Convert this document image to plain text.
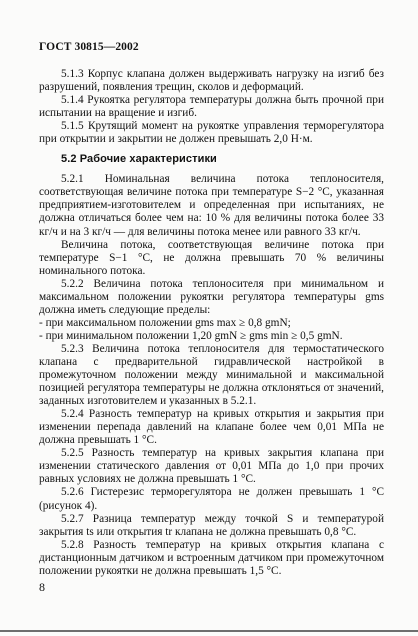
ГОСТ 30815—2002

5.1.3 Корпус клапана должен выдерживать нагрузку на изгиб без разрушений, появления трещин, сколов и деформаций.

5.1.4 Рукоятка регулятора температуры должна быть прочной при испытании на вращение и изгиб.

5.1.5 Крутящий момент на рукоятке управления терморегулятора при открытии и закрытии не должен превышать 2,0 Н·м.

5.2 Рабочие характеристики

5.2.1 Номинальная величина потока теплоносителя, соответствующая величине потока при температуре S−2 °C, указанная предприятием-изготовителем и определенная при испытаниях, не должна отличаться более чем на: 10 % для величины потока более 33 кг/ч и на 3 кг/ч — для величины потока менее или равного 33 кг/ч.

Величина потока, соответствующая величине потока при температуре S−1 °C, не должна превышать 70 % величины номинального потока.

5.2.2 Величина потока теплоносителя при минимальном и максимальном положении рукоятки регулятора температуры gms должна иметь следующие пределы:

- при максимальном положении gms max ≥ 0,8 gmN;

- при минимальном положении 1,20 gmN ≥ gms min ≥ 0,5 gmN.

5.2.3 Величина потока теплоносителя для термостатического клапана с предварительной гидравлической настройкой в промежуточном положении между минимальной и максимальной позицией регулятора температуры не должна отклоняться от значений, заданных изготовителем и указанных в 5.2.1.

5.2.4 Разность температур на кривых открытия и закрытия при изменении перепада давлений на клапане более чем 0,01 МПа не должна превышать 1 °C.

5.2.5 Разность температур на кривых закрытия клапана при изменении статического давления от 0,01 МПа до 1,0 при прочих равных условиях не должна превышать 1 °C.

5.2.6 Гистерезис терморегулятора не должен превышать 1 °C (рисунок 4).

5.2.7 Разница температур между точкой S и температурой закрытия ts или открытия tr клапана не должна превышать 0,8 °C.

5.2.8 Разность температур на кривых открытия клапана с дистанционным датчиком и встроенным датчиком при промежуточном положении рукоятки не должна превышать 1,5 °C.

8
